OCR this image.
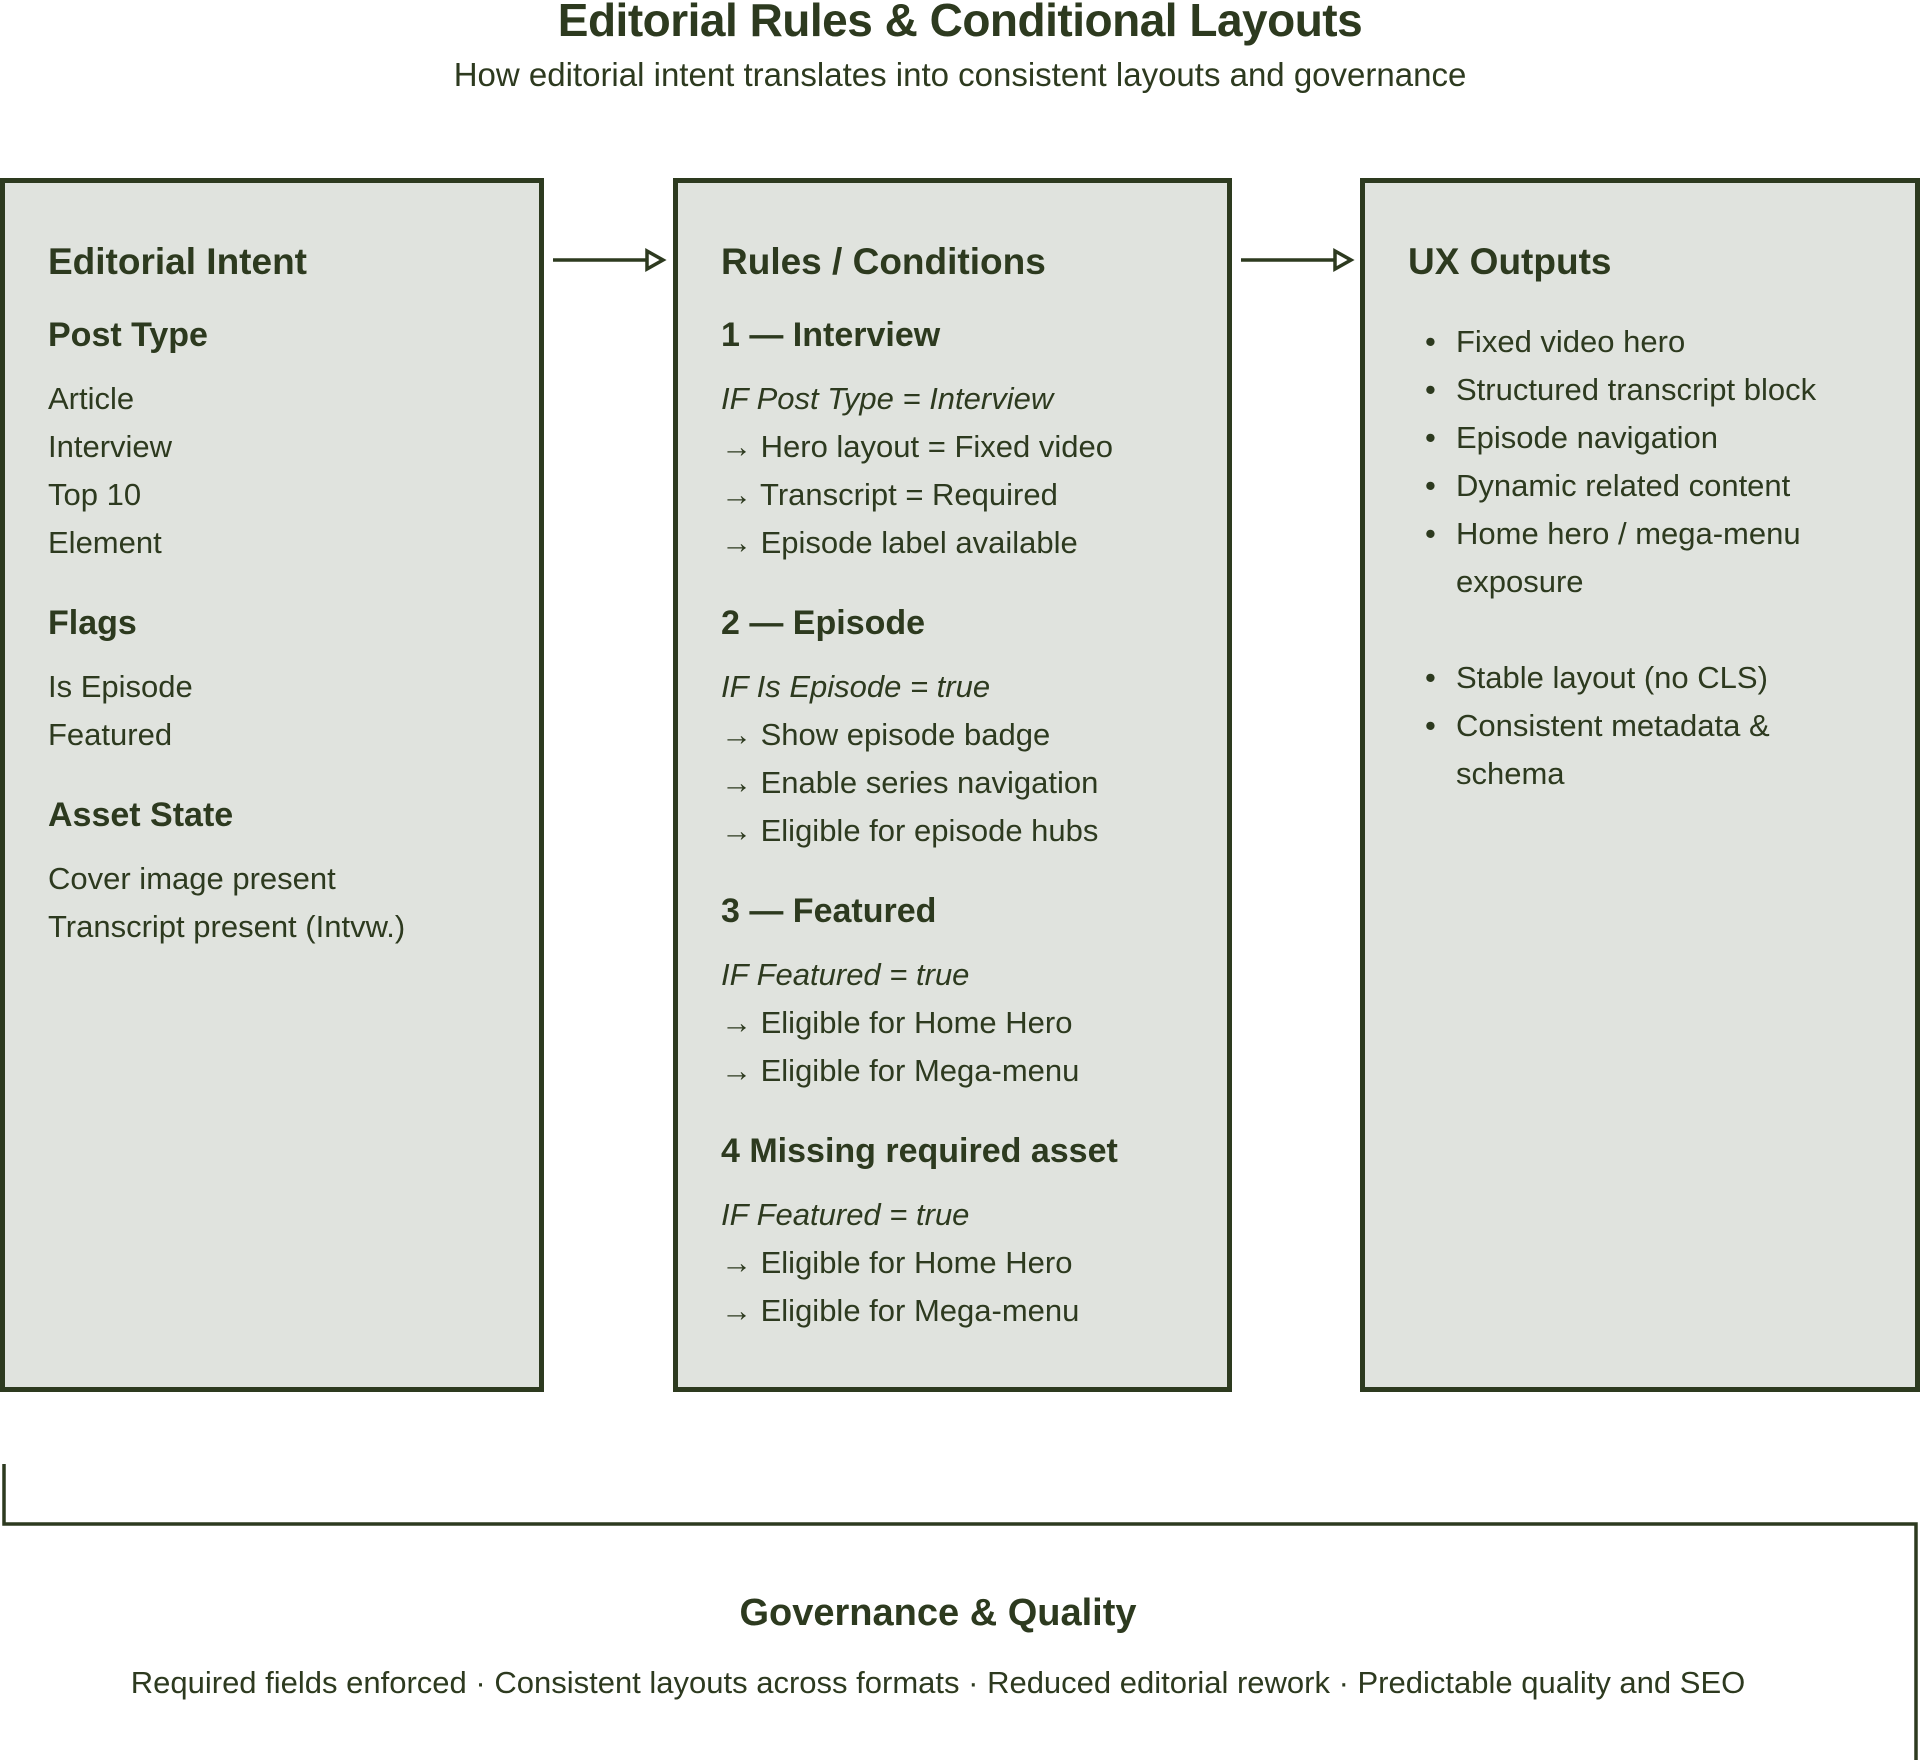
Editorial Rules & Conditional Layouts
How editorial intent translates into consistent layouts and governance
Editorial Intent
Post Type
Article
Interview
Top 10
Element
Flags
Is Episode
Featured
Asset State
Cover image present
Transcript present (Intvw.)
Rules / Conditions
1 — Interview
IF Post Type = Interview
→ Hero layout = Fixed video
→ Transcript = Required
→ Episode label available
2 — Episode
IF Is Episode = true
→ Show episode badge
→ Enable series navigation
→ Eligible for episode hubs
3 — Featured
IF Featured = true
→ Eligible for Home Hero
→ Eligible for Mega-menu
4 Missing required asset
IF Featured = true
→ Eligible for Home Hero
→ Eligible for Mega-menu
UX Outputs
• Fixed video hero
• Structured transcript block
• Episode navigation
• Dynamic related content
• Home hero / mega-menu exposure
• Stable layout (no CLS)
• Consistent metadata & schema
Governance & Quality
Required fields enforced · Consistent layouts across formats · Reduced editorial rework · Predictable quality and SEO
